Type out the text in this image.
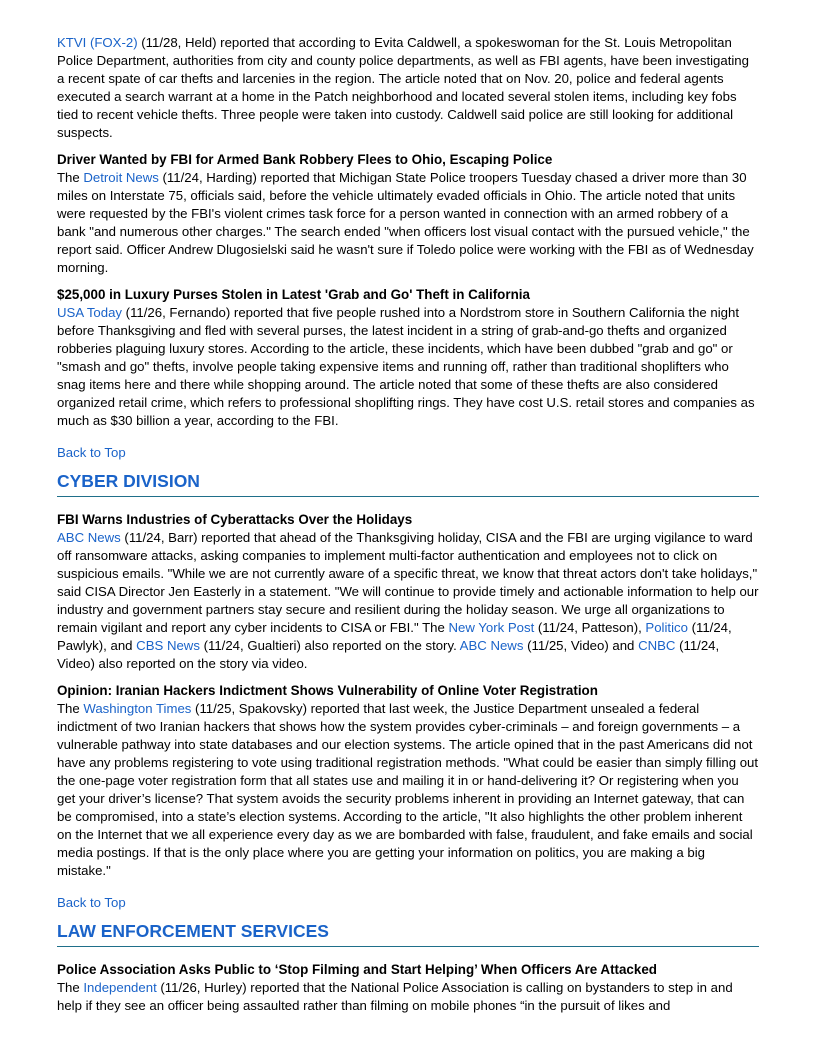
KTVI (FOX-2) (11/28, Held) reported that according to Evita Caldwell, a spokeswoman for the St. Louis Metropolitan Police Department, authorities from city and county police departments, as well as FBI agents, have been investigating a recent spate of car thefts and larcenies in the region. The article noted that on Nov. 20, police and federal agents executed a search warrant at a home in the Patch neighborhood and located several stolen items, including key fobs tied to recent vehicle thefts. Three people were taken into custody. Caldwell said police are still looking for additional suspects.

Driver Wanted by FBI for Armed Bank Robbery Flees to Ohio, Escaping Police

The Detroit News (11/24, Harding) reported that Michigan State Police troopers Tuesday chased a driver more than 30 miles on Interstate 75, officials said, before the vehicle ultimately evaded officials in Ohio. The article noted that units were requested by the FBI's violent crimes task force for a person wanted in connection with an armed robbery of a bank "and numerous other charges." The search ended "when officers lost visual contact with the pursued vehicle," the report said. Officer Andrew Dlugosielski said he wasn't sure if Toledo police were working with the FBI as of Wednesday morning.

$25,000 in Luxury Purses Stolen in Latest 'Grab and Go' Theft in California

USA Today (11/26, Fernando) reported that five people rushed into a Nordstrom store in Southern California the night before Thanksgiving and fled with several purses, the latest incident in a string of grab-and-go thefts and organized robberies plaguing luxury stores. According to the article, these incidents, which have been dubbed "grab and go" or "smash and go" thefts, involve people taking expensive items and running off, rather than traditional shoplifters who snag items here and there while shopping around. The article noted that some of these thefts are also considered organized retail crime, which refers to professional shoplifting rings. They have cost U.S. retail stores and companies as much as $30 billion a year, according to the FBI.

Back to Top
CYBER DIVISION

FBI Warns Industries of Cyberattacks Over the Holidays

ABC News (11/24, Barr) reported that ahead of the Thanksgiving holiday, CISA and the FBI are urging vigilance to ward off ransomware attacks, asking companies to implement multi-factor authentication and employees not to click on suspicious emails. "While we are not currently aware of a specific threat, we know that threat actors don't take holidays," said CISA Director Jen Easterly in a statement. "We will continue to provide timely and actionable information to help our industry and government partners stay secure and resilient during the holiday season. We urge all organizations to remain vigilant and report any cyber incidents to CISA or FBI." The New York Post (11/24, Patteson), Politico (11/24, Pawlyk), and CBS News (11/24, Gualtieri) also reported on the story. ABC News (11/25, Video) and CNBC (11/24, Video) also reported on the story via video.

Opinion: Iranian Hackers Indictment Shows Vulnerability of Online Voter Registration

The Washington Times (11/25, Spakovsky) reported that last week, the Justice Department unsealed a federal indictment of two Iranian hackers that shows how the system provides cyber-criminals – and foreign governments – a vulnerable pathway into state databases and our election systems. The article opined that in the past Americans did not have any problems registering to vote using traditional registration methods. "What could be easier than simply filling out the one-page voter registration form that all states use and mailing it in or hand-delivering it? Or registering when you get your driver’s license? That system avoids the security problems inherent in providing an Internet gateway, that can be compromised, into a state’s election systems. According to the article, "It also highlights the other problem inherent on the Internet that we all experience every day as we are bombarded with false, fraudulent, and fake emails and social media postings. If that is the only place where you are getting your information on politics, you are making a big mistake."

Back to Top
LAW ENFORCEMENT SERVICES

Police Association Asks Public to ‘Stop Filming and Start Helping’ When Officers Are Attacked

The Independent (11/26, Hurley) reported that the National Police Association is calling on bystanders to step in and help if they see an officer being assaulted rather than filming on mobile phones “in the pursuit of likes and
